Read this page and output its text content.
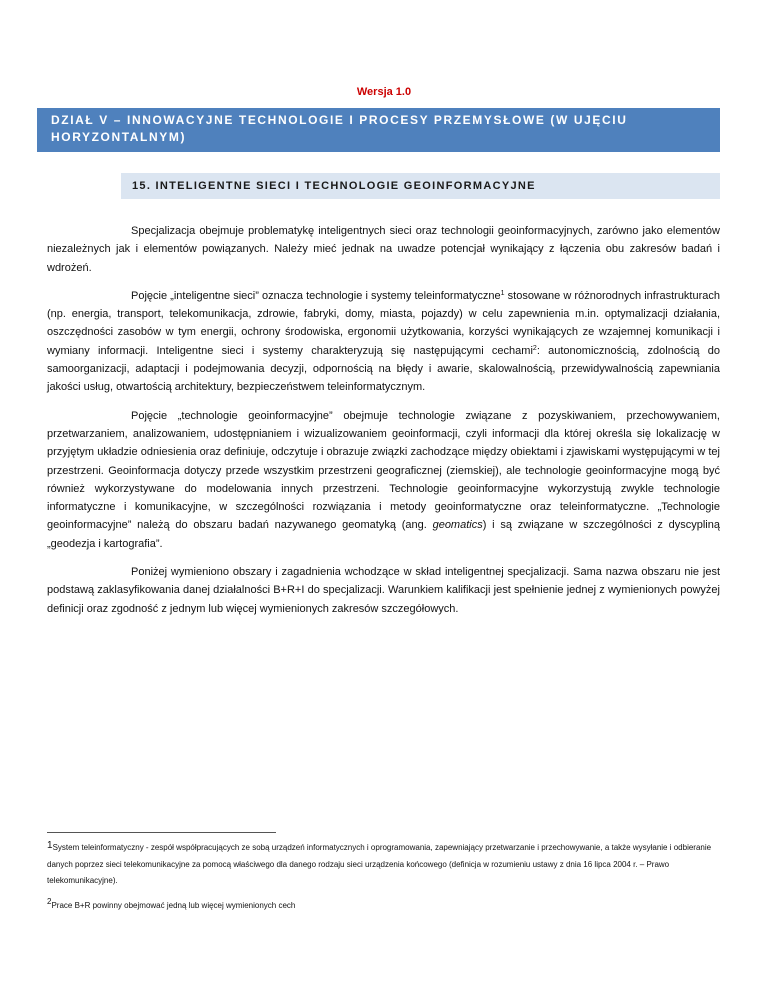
Wersja 1.0
DZIAŁ V – INNOWACYJNE TECHNOLOGIE I PROCESY PRZEMYSŁOWE (W UJĘCIU HORYZONTALNYM)
15. INTELIGENTNE SIECI I TECHNOLOGIE GEOINFORMACYJNE

Specjalizacja obejmuje problematykę inteligentnych sieci oraz technologii geoinformacyjnych, zarówno jako elementów niezależnych jak i elementów powiązanych. Należy mieć jednak na uwadze potencjał wynikający z łączenia obu zakresów badań i wdrożeń.

Pojęcie „inteligentne sieci” oznacza technologie i systemy teleinformatyczne$^1$ stosowane w różnorodnych infrastrukturach (np. energia, transport, telekomunikacja, zdrowie, fabryki, domy, miasta, pojazdy) w celu zapewnienia m.in. optymalizacji działania, oszczędności zasobów w tym energii, ochrony środowiska, ergonomii użytkowania, korzyści wynikających ze wzajemnej komunikacji i wymiany informacji. Inteligentne sieci i systemy charakteryzują się następującymi cechami$^2$: autonomicznością, zdolnością do samoorganizacji, adaptacji i podejmowania decyzji, odpornością na błędy i awarie, skalowalnością, przewidywalnością zapewniania jakości usług, otwartością architektury, bezpieczeństwem teleinformatycznym.

Pojęcie „technologie geoinformacyjne” obejmuje technologie związane z pozyskiwaniem, przechowywaniem, przetwarzaniem, analizowaniem, udostępnianiem i wizualizowaniem geoinformacji, czyli informacji dla której określa się lokalizację w przyjętym układzie odniesienia oraz definiuje, odczytuje i obrazuje związki zachodzące między obiektami i zjawiskami występującymi w tej przestrzeni. Geoinformacja dotyczy przede wszystkim przestrzeni geograficznej (ziemskiej), ale technologie geoinformacyjne mogą być również wykorzystywane do modelowania innych przestrzeni. Technologie geoinformacyjne wykorzystują zwykle technologie informatyczne i komunikacyjne, w szczególności rozwiązania i metody geoinformatyczne oraz teleinformatyczne. „Technologie geoinformacyjne” należą do obszaru badań nazywanego geomatyką (ang. geomatics) i są związane w szczególności z dyscypliną „geodezja i kartografia”.

Poniżej wymieniono obszary i zagadnienia wchodzące w skład inteligentnej specjalizacji. Sama nazwa obszaru nie jest podstawą zaklasyfikowania danej działalności B+R+I do specjalizacji. Warunkiem kalifikacji jest spełnienie jednej z wymienionych powyżej definicji oraz zgodność z jednym lub więcej wymienionych zakresów szczegółowych.

1System teleinformatyczny - zespół współpracujących ze sobą urządzeń informatycznych i oprogramowania, zapewniający przetwarzanie i przechowywanie, a także wysyłanie i odbieranie danych poprzez sieci telekomunikacyjne za pomocą właściwego dla danego rodzaju sieci urządzenia końcowego (definicja w rozumieniu ustawy z dnia 16 lipca 2004 r. – Prawo telekomunikacyjne).

$^2$Prace B+R powinny obejmować jedną lub więcej wymienionych cech
